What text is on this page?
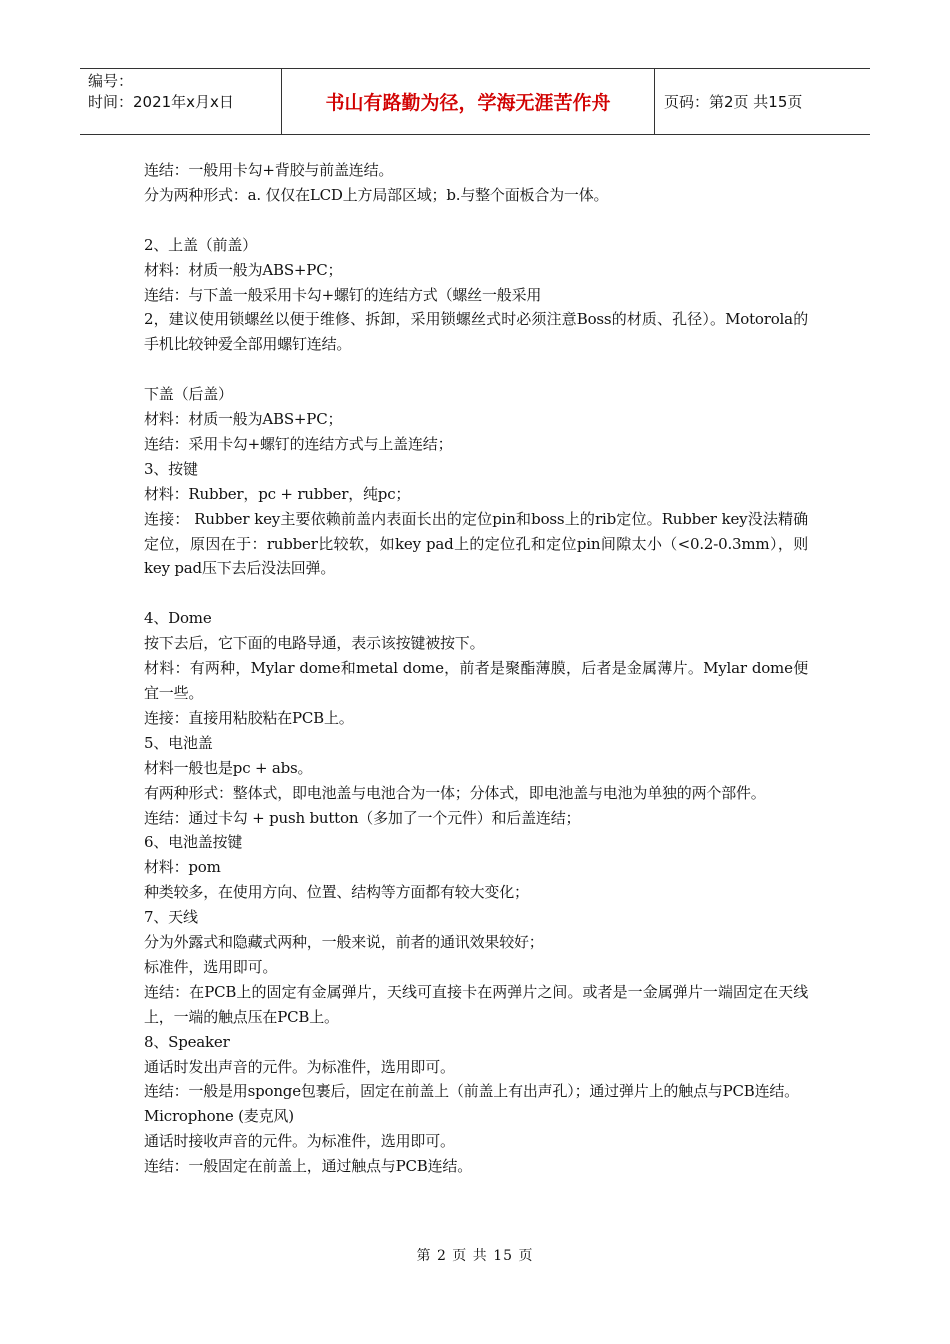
编号：
时间：2021年x月x日	书山有路勤为径，学海无涯苦作舟	页码：第2页 共15页

连结：一般用卡勾+背胶与前盖连结。

分为两种形式：a. 仅仅在LCD上方局部区域；b.与整个面板合为一体。

2、上盖（前盖）

材料：材质一般为ABS+PC；

连结：与下盖一般采用卡勾+螺钉的连结方式（螺丝一般采用

2，建议使用锁螺丝以便于维修、拆卸，采用锁螺丝式时必须注意Boss的材质、孔径）。Motorola的手机比较钟爱全部用螺钉连结。

下盖（后盖）

材料：材质一般为ABS+PC；

连结：采用卡勾+螺钉的连结方式与上盖连结；

3、按键

材料：Rubber，pc + rubber，纯pc；

连接： Rubber key主要依赖前盖内表面长出的定位pin和boss上的rib定位。Rubber key没法精确定位，原因在于：rubber比较软，如key pad上的定位孔和定位pin间隙太小（<0.2-0.3mm），则key pad压下去后没法回弹。

4、Dome

按下去后，它下面的电路导通，表示该按键被按下。

材料：有两种，Mylar dome和metal dome，前者是聚酯薄膜，后者是金属薄片。Mylar dome便宜一些。

连接：直接用粘胶粘在PCB上。

5、电池盖

材料一般也是pc + abs。

有两种形式：整体式，即电池盖与电池合为一体；分体式，即电池盖与电池为单独的两个部件。

连结：通过卡勾 + push button（多加了一个元件）和后盖连结；

6、电池盖按键

材料：pom

种类较多，在使用方向、位置、结构等方面都有较大变化；

7、天线

分为外露式和隐藏式两种，一般来说，前者的通讯效果较好；

标准件，选用即可。

连结：在PCB上的固定有金属弹片，天线可直接卡在两弹片之间。或者是一金属弹片一端固定在天线上，一端的触点压在PCB上。

8、Speaker

通话时发出声音的元件。为标准件，选用即可。

连结：一般是用sponge包裹后，固定在前盖上（前盖上有出声孔）；通过弹片上的触点与PCB连结。

Microphone (麦克风)

通话时接收声音的元件。为标准件，选用即可。

连结：一般固定在前盖上，通过触点与PCB连结。

第 2 页 共 15 页
